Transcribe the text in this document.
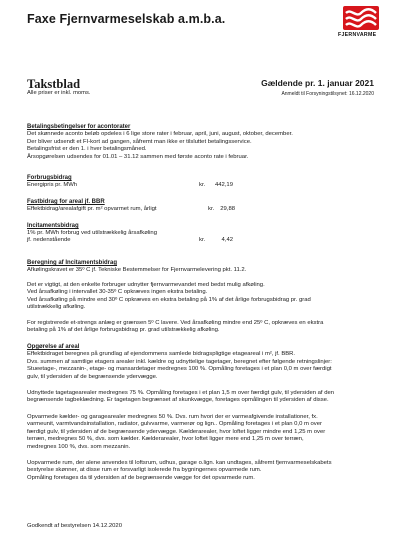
Faxe Fjernvarmeselskab a.m.b.a.
FJERNVARME
Takstblad
Alle priser er inkl. moms.
Gældende pr. 1. januar 2021
Anmeldt til Forsyningstilsynet: 16.12.2020
Betalingsbetingelser for acontorater
Det skønnede aconto beløb opdeles i 6 lige store rater i februar, april, juni, august, oktober, december.
Der bliver udsendt et FI-kort ad gangen, såfremt man ikke er tilsluttet betalingsservice.
Betalingsfrist er den 1. i hver betalingsmåned.
Årsopgørelsen udsendes for 01.01 – 31.12 sammen med første aconto rate i februar.
Forbrugsbidrag
Energipris pr. MWh	kr.	442,19
Fastbidrag for areal jf. BBR
Effektbidrag/arealafgift pr. m² opvarmet rum, årligt	kr.	29,88
Incitamentsbidrag
1% pr. MWh forbrug ved utilstrækkelig årsafkøling
jf. nedenstående	kr.	4,42
Beregning af Incitamentsbidrag
Afkølingskravet er 35º C jf. Tekniske Bestemmelser for Fjernvarmelevering pkt. 11.2.
Det er vigtigt, at den enkelte forbruger udnytter fjernvarmevandet med bedst mulig afkøling.
Ved årsafkøling i intervallet 30-35º C opkræves ingen ekstra betaling.
Ved årsafkøling på mindre end 30º C opkræves en ekstra betaling på 1% af det årlige forbrugsbidrag pr. grad
utilstrækkelig afkøling.
For registrerede et-strengs anlæg er grænsen 5º C lavere. Ved årsafkøling mindre end 25º C, opkræves en ekstra
betaling på 1% af det årlige forbrugsbidrag pr. grad utilstrækkelig afkøling.
Opgørelse af areal
Effektbidraget beregnes på grundlag af ejendommens samlede bidragspligtige etageareal i m², jf. BBR.
Dvs. summen af samtlige etagers arealer inkl. kældre og udnyttelige tagetager, beregnet efter følgende retningslinjer:
Stueetage-, mezzanin-, etage- og mansardetager medregnes 100 %. Opmåling foretages i et plan 0,0 m over færdigt
gulv, til ydersiden af de begrænsende ydervægge.
Udnyttede tagetagearealer medregnes 75 %. Opmåling foretages i et plan 1,5 m over færdigt gulv, til ydersiden af den
begrænsende tagbeklædning. Er tagetagen begrænset af skunkvægge, foretages opmålingen til ydersiden af disse.
Opvarmede kælder- og garagearealer medregnes 50 %. Dvs. rum hvori der er varmeafgivende installationer, fx.
varmeunit, varmtvandsinstallation, radiator, gulvvarme, varmerør og lign.. Opmåling foretages i et plan 0,0 m over
færdigt gulv, til ydersiden af de begrænsende ydervægge. Kælderarealer, hvor loftet ligger mindre end 1,25 m over
terræn, medregnes 50 %, dvs. som kælder. Kælderarealer, hvor loftet ligger mere end 1,25 m over terræn,
medregnes 100 %, dvs. som mezzanin.
Uopvarmede rum, der alene anvendes til loftsrum, udhus, garage o.lign. kan undtages, såfremt fjernvarmeselskabets
bestyrelse skønner, at disse rum er forsvarligt isolerede fra bygningernes opvarmede rum.
Opmåling foretages da til ydersiden af de begrænsende vægge for det opvarmede rum.
Godkendt af bestyrelsen 14.12.2020
